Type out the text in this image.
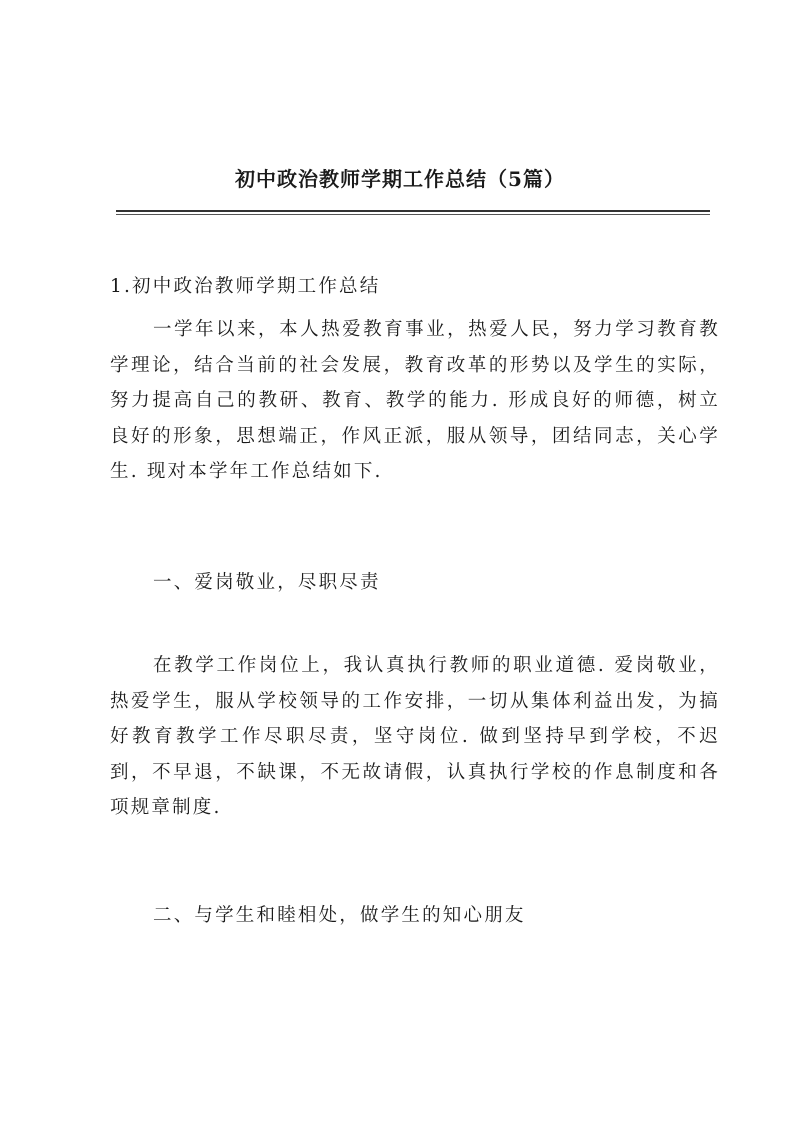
初中政治教师学期工作总结（5篇）

1.初中政治教师学期工作总结

一学年以来，本人热爱教育事业，热爱人民，努力学习教育教学理论，结合当前的社会发展，教育改革的形势以及学生的实际，努力提高自己的教研、教育、教学的能力. 形成良好的师德，树立良好的形象，思想端正，作风正派，服从领导，团结同志，关心学生. 现对本学年工作总结如下.

一、爱岗敬业，尽职尽责

在教学工作岗位上，我认真执行教师的职业道德. 爱岗敬业，热爱学生，服从学校领导的工作安排，一切从集体利益出发，为搞好教育教学工作尽职尽责，坚守岗位. 做到坚持早到学校，不迟到，不早退，不缺课，不无故请假，认真执行学校的作息制度和各项规章制度.

二、与学生和睦相处，做学生的知心朋友
